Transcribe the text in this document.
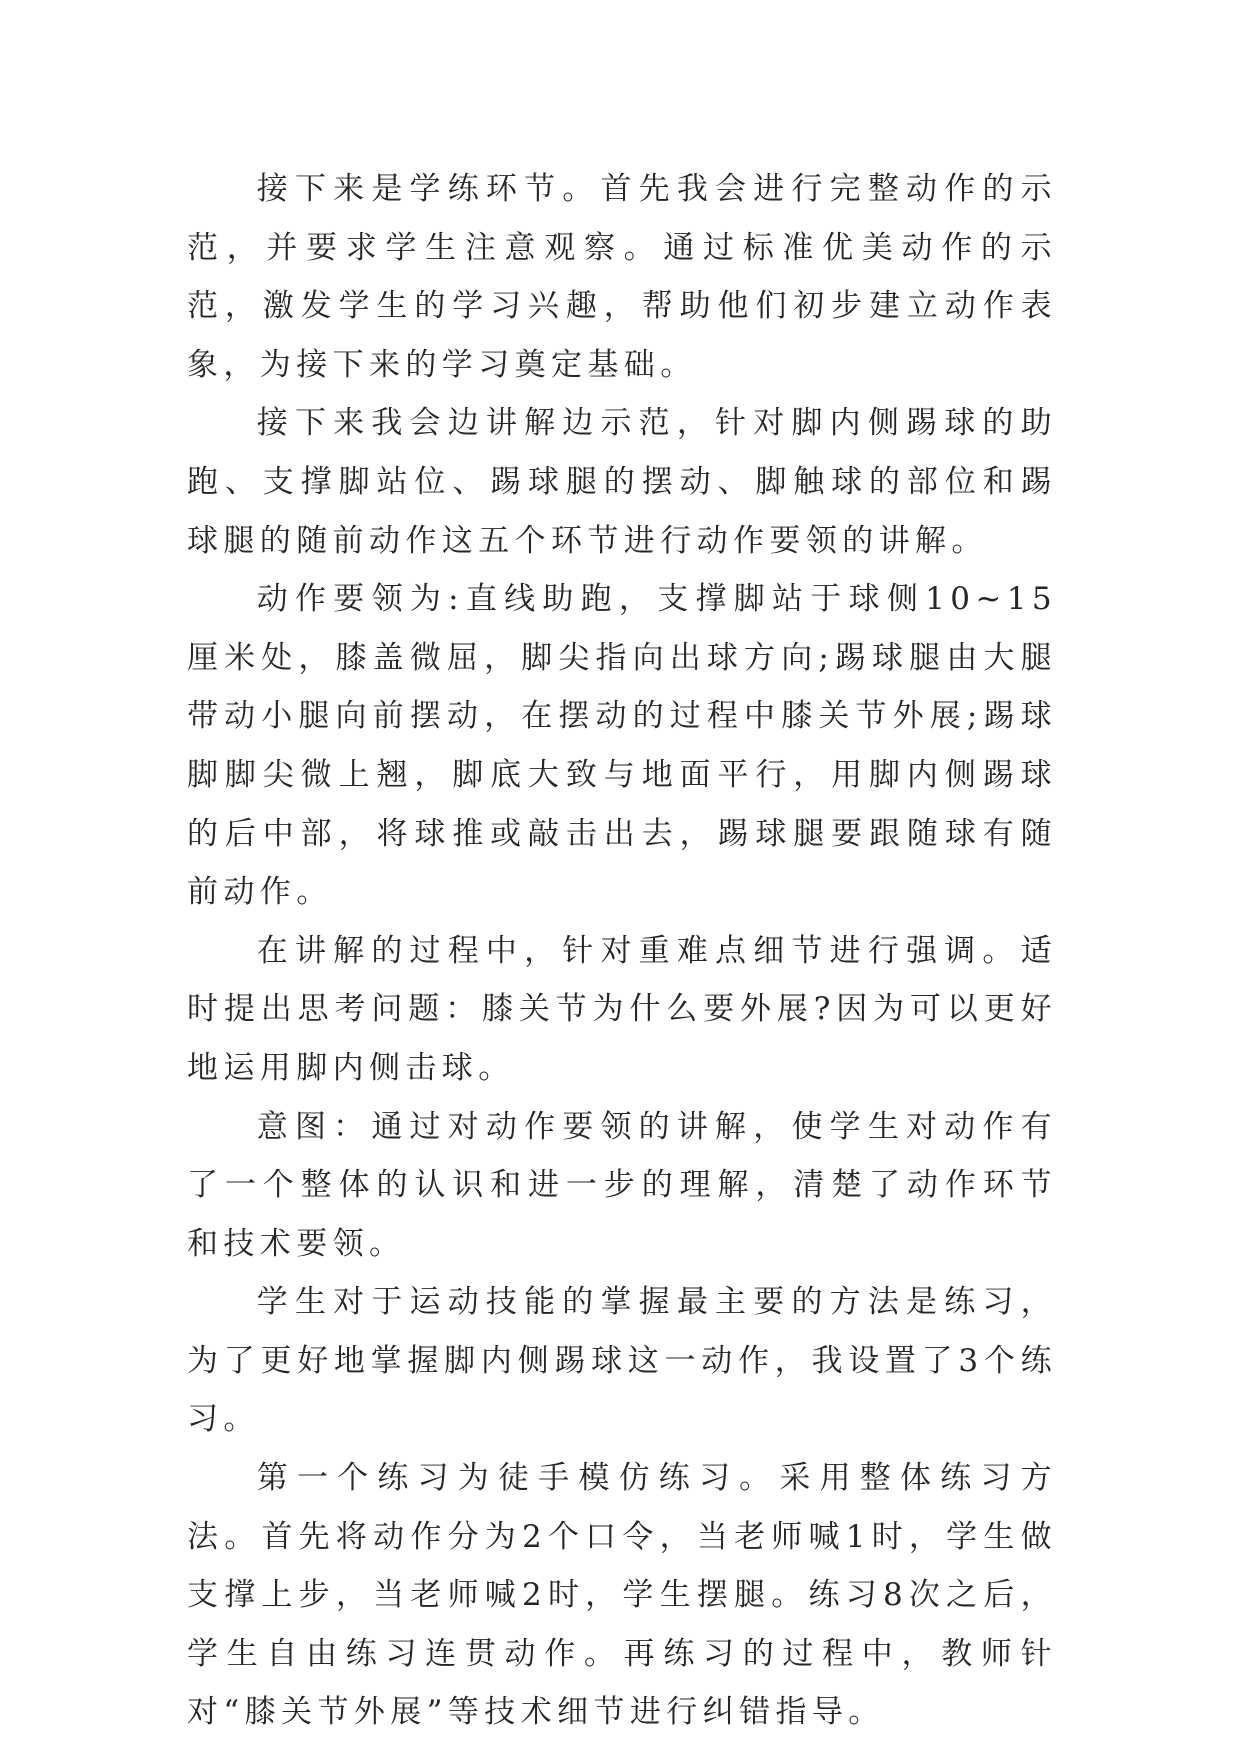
接下来是学练环节。首先我会进行完整动作的示范，并要求学生注意观察。通过标准优美动作的示范，激发学生的学习兴趣，帮助他们初步建立动作表象，为接下来的学习奠定基础。

接下来我会边讲解边示范，针对脚内侧踢球的助跑、支撑脚站位、踢球腿的摆动、脚触球的部位和踢球腿的随前动作这五个环节进行动作要领的讲解。

动作要领为:直线助跑，支撑脚站于球侧10~15厘米处，膝盖微屈，脚尖指向出球方向;踢球腿由大腿带动小腿向前摆动，在摆动的过程中膝关节外展;踢球脚脚尖微上翘，脚底大致与地面平行，用脚内侧踢球的后中部，将球推或敲击出去，踢球腿要跟随球有随前动作。

在讲解的过程中，针对重难点细节进行强调。适时提出思考问题：膝关节为什么要外展?因为可以更好地运用脚内侧击球。

意图：通过对动作要领的讲解，使学生对动作有了一个整体的认识和进一步的理解，清楚了动作环节和技术要领。

学生对于运动技能的掌握最主要的方法是练习，为了更好地掌握脚内侧踢球这一动作，我设置了3个练习。

第一个练习为徒手模仿练习。采用整体练习方法。首先将动作分为2个口令，当老师喊1时，学生做支撑上步，当老师喊2时，学生摆腿。练习8次之后，学生自由练习连贯动作。再练习的过程中，教师针对“膝关节外展”等技术细节进行纠错指导。
